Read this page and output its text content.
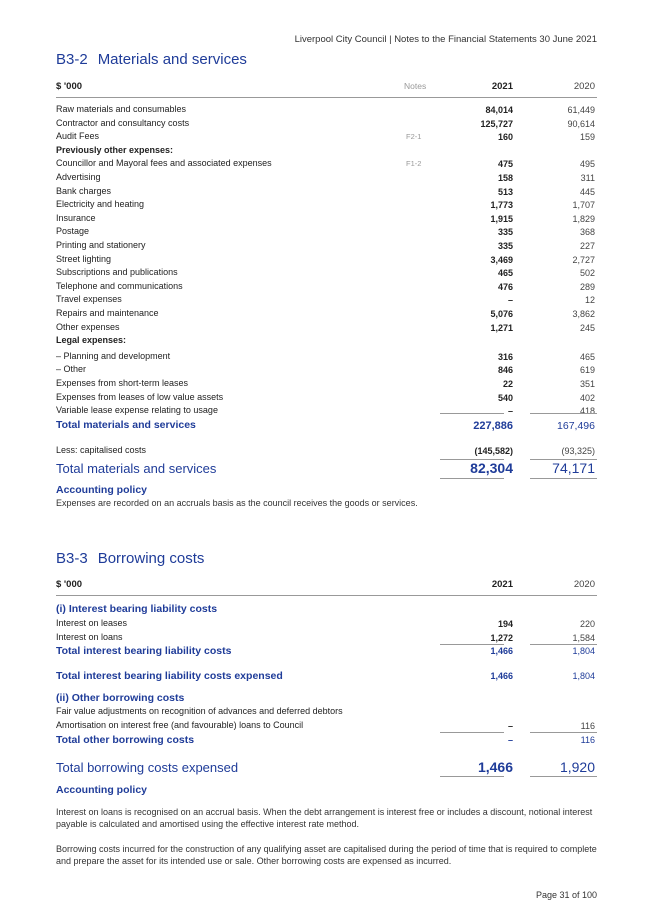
Liverpool City Council | Notes to the Financial Statements 30 June 2021
B3-2 Materials and services
$ '000	Notes	2021	2020
Raw materials and consumables	84,014	61,449
Contractor and consultancy costs	125,727	90,614
Audit Fees	F2-1	160	159
Previously other expenses:
Councillor and Mayoral fees and associated expenses	F1-2	475	495
Advertising	158	311
Bank charges	513	445
Electricity and heating	1,773	1,707
Insurance	1,915	1,829
Postage	335	368
Printing and stationery	335	227
Street lighting	3,469	2,727
Subscriptions and publications	465	502
Telephone and communications	476	289
Travel expenses	–	12
Repairs and maintenance	5,076	3,862
Other expenses	1,271	245
Legal expenses:
– Planning and development	316	465
– Other	846	619
Expenses from short-term leases	22	351
Expenses from leases of low value assets	540	402
Variable lease expense relating to usage	–	418
Total materials and services	227,886	167,496
Less: capitalised costs	(145,582)	(93,325)
Total materials and services	82,304	74,171
Accounting policy
Expenses are recorded on an accruals basis as the council receives the goods or services.
B3-3 Borrowing costs
$ '000	2021	2020
(i) Interest bearing liability costs
Interest on leases	194	220
Interest on loans	1,272	1,584
Total interest bearing liability costs	1,466	1,804
Total interest bearing liability costs expensed	1,466	1,804
(ii) Other borrowing costs
Fair value adjustments on recognition of advances and deferred debtors
Amortisation on interest free (and favourable) loans to Council	–	116
Total other borrowing costs	–	116
Total borrowing costs expensed	1,466	1,920
Accounting policy
Interest on loans is recognised on an accrual basis. When the debt arrangement is interest free or includes a discount, notional interest payable is calculated and amortised using the effective interest rate method.
Borrowing costs incurred for the construction of any qualifying asset are capitalised during the period of time that is required to complete and prepare the asset for its intended use or sale. Other borrowing costs are expensed as incurred.
Page 31 of 100
